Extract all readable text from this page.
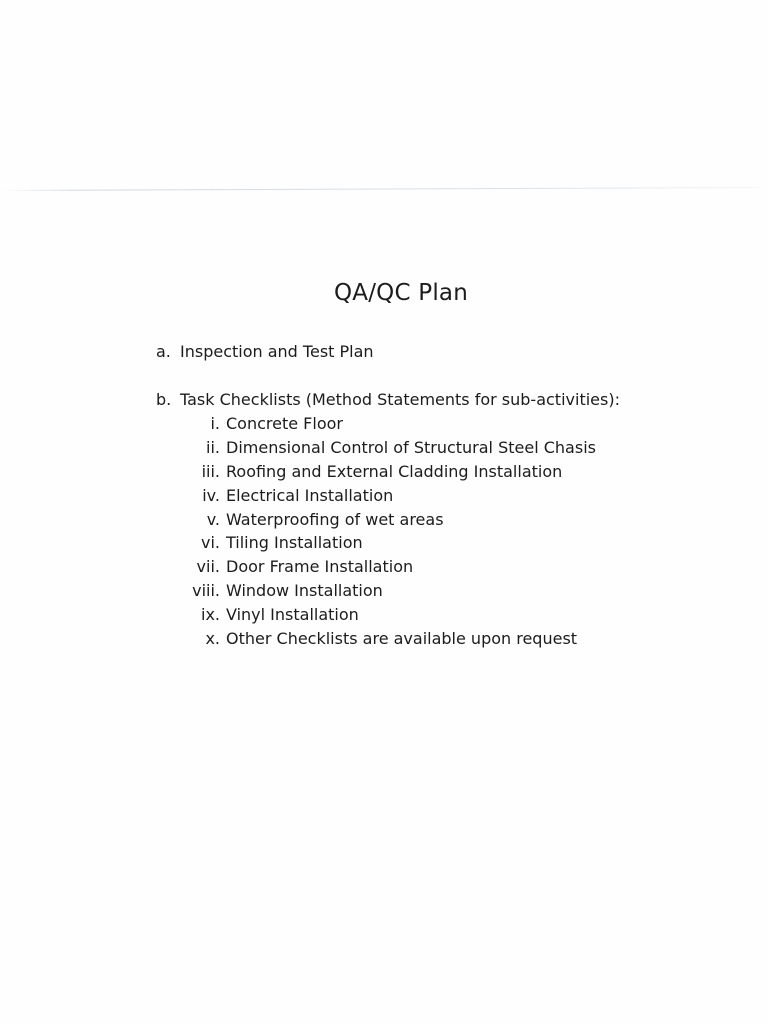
QA/QC Plan
a. Inspection and Test Plan
b. Task Checklists (Method Statements for sub-activities):
i. Concrete Floor
ii. Dimensional Control of Structural Steel Chasis
iii. Roofing and External Cladding Installation
iv. Electrical Installation
v. Waterproofing of wet areas
vi. Tiling Installation
vii. Door Frame Installation
viii. Window Installation
ix. Vinyl Installation
x. Other Checklists are available upon request
